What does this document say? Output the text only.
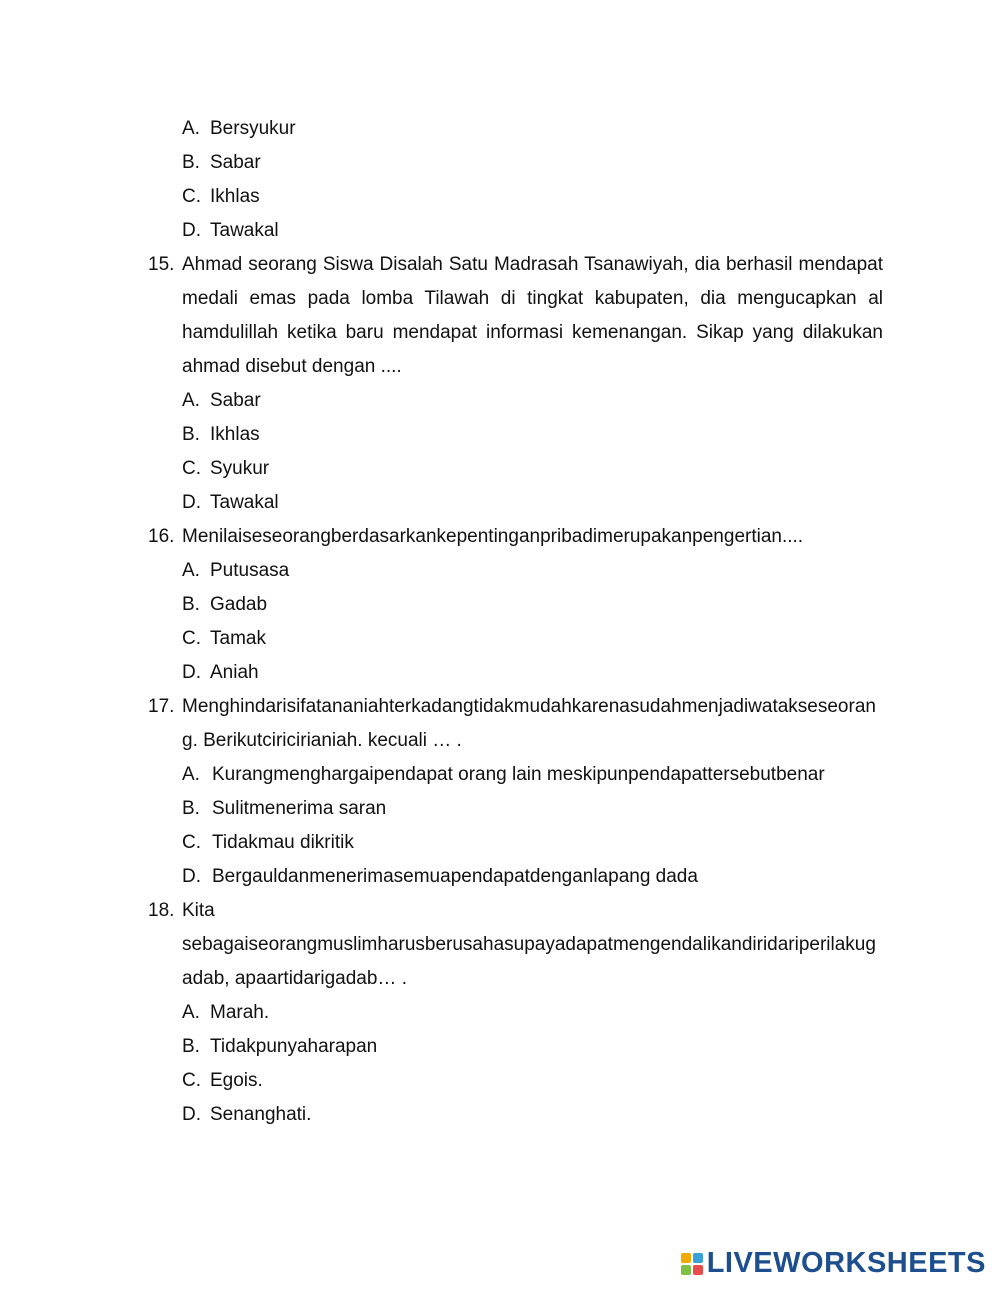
A. Bersyukur
B. Sabar
C. Ikhlas
D. Tawakal
15. Ahmad seorang Siswa Disalah Satu Madrasah Tsanawiyah, dia berhasil mendapat medali emas pada lomba Tilawah di tingkat kabupaten, dia mengucapkan al hamdulillah ketika baru mendapat informasi kemenangan. Sikap yang dilakukan ahmad disebut dengan ....
A. Sabar
B. Ikhlas
C. Syukur
D. Tawakal
16. Menilaiseseorangberdasarkankepentinganpribadimerupakanpengertian....
A. Putusasa
B. Gadab
C. Tamak
D. Aniah
17. Menghindarisifatananiahterkadangtidakmudahkarenasudahmenjadiwatakseseorang. Berikutciricirianiah. kecuali … .
A. Kurangmenghargaipendapat orang lain meskipunpendapattersebutbenar
B. Sulitmenerima saran
C. Tidakmau dikritik
D. Bergauldanmenerimasemuapendapatdenganlapang dada
18. Kita
sebagaiseorangmuslimharusberusahasupayadapatmengendalikandiridariperilakugadab, apaartidarigadab… .
A. Marah.
B. Tidakpunyaharapan
C. Egois.
D. Senanghati.
LIVEWORKSHEETS
